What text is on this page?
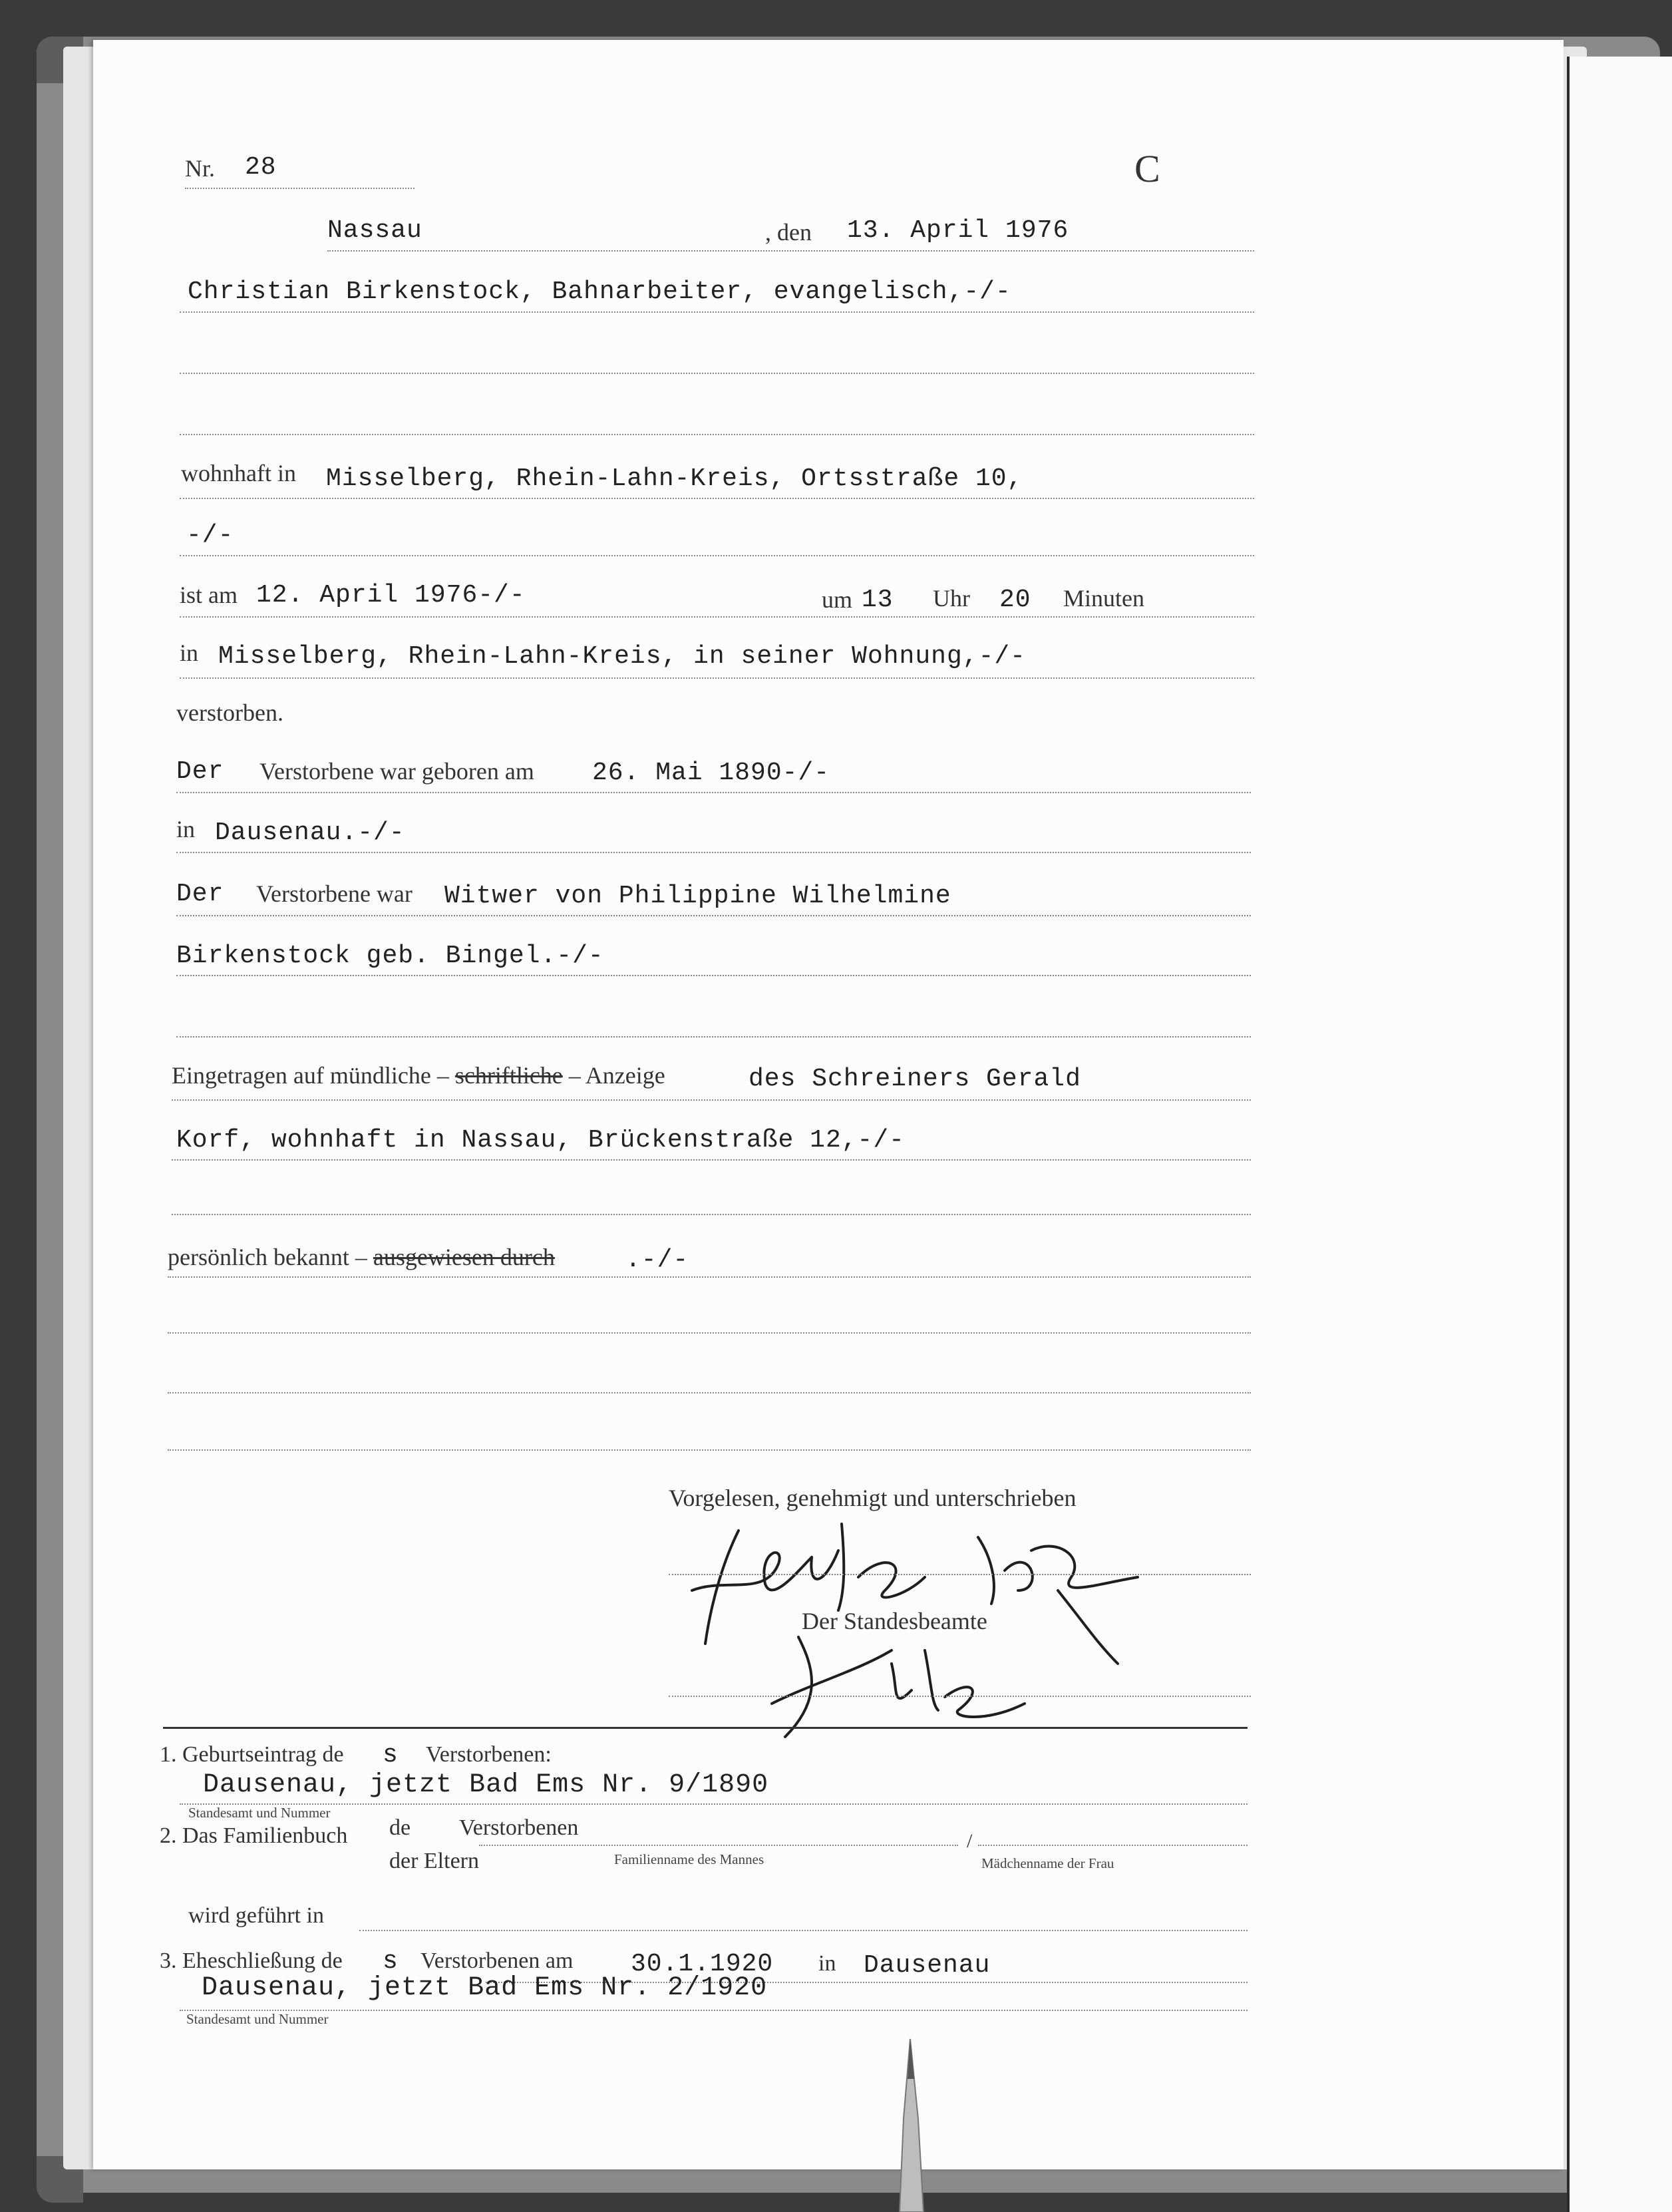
Nr. 28	C
Nassau	, den 13. April 1976
Christian Birkenstock, Bahnarbeiter, evangelisch,-/-
wohnhaft in Misselberg, Rhein-Lahn-Kreis, Ortsstraße 10,
-/-
ist am 12. April 1976-/-	um 13 Uhr 20 Minuten
in Misselberg, Rhein-Lahn-Kreis, in seiner Wohnung,-/-
verstorben.
Der Verstorbene war geboren am 26. Mai 1890-/-
in Dausenau.-/-
Der Verstorbene war Witwer von Philippine Wilhelmine
Birkenstock geb. Bingel.-/-
Eingetragen auf mündliche – schriftliche – Anzeige	des Schreiners Gerald
Korf, wohnhaft in Nassau, Brückenstraße 12,-/-
persönlich bekannt – ausgewiesen durch	.-/-
Vorgelesen, genehmigt und unterschrieben
Der Standesbeamte
1. Geburtseintrag de s Verstorbenen:
Dausenau, jetzt Bad Ems Nr. 9/1890
Standesamt und Nummer
2. Das Familienbuch de Verstorbenen
der Eltern	Familienname des Mannes
/
Mädchenname der Frau
wird geführt in
3. Eheschließung de s Verstorbenen am 30.1.1920 in Dausenau
Dausenau, jetzt Bad Ems Nr. 2/1920
Standesamt und Nummer
